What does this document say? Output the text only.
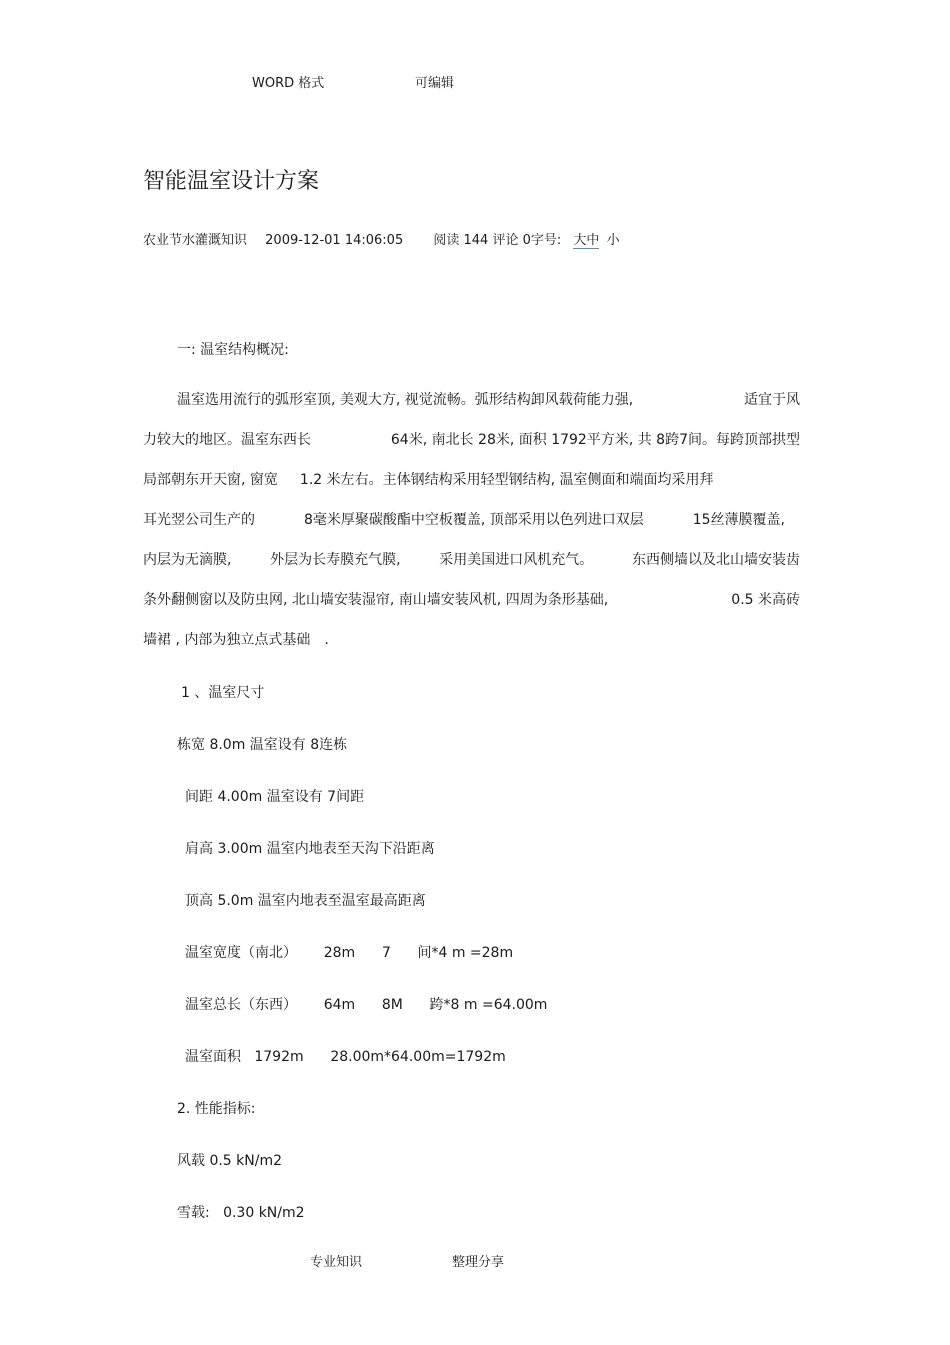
WORD 格式	可编辑
智能温室设计方案
农业节水灌溉知识 2009-12-01 14:06:05 阅读 144 评论 0字号: 大中 小
一: 温室结构概况:
温室选用流行的弧形室顶, 美观大方, 视觉流畅。弧形结构卸风载荷能力强,	适宜于风
力较大的地区。温室东西长	64米, 南北长 28米, 面积 1792平方米, 共 8跨7间。每跨顶部拱型
局部朝东开天窗, 窗宽 1.2 米左右。主体钢结构采用轻型钢结构, 温室侧面和端面均采用拜
耳光翌公司生产的	8毫米厚聚碳酸酯中空板覆盖, 顶部采用以色列进口双层	15丝薄膜覆盖,
内层为无滴膜,	外层为长寿膜充气膜,	采用美国进口风机充气。	东西侧墙以及北山墙安装齿
条外翻侧窗以及防虫网, 北山墙安装湿帘, 南山墙安装风机, 四周为条形基础,	0.5 米高砖
墙裙 , 内部为独立点式基础 .
1 、温室尺寸
栋宽 8.0m 温室设有 8连栋
间距 4.00m 温室设有 7间距
肩高 3.00m 温室内地表至天沟下沿距离
顶高 5.0m 温室内地表至温室最高距离
温室宽度（南北）      28m      7      间*4 m =28m
温室总长（东西）      64m      8M      跨*8 m =64.00m
温室面积   1792m      28.00m*64.00m=1792m
2. 性能指标:
风载 0.5 kN/m2
雪载:   0.30 kN/m2
专业知识	整理分享
